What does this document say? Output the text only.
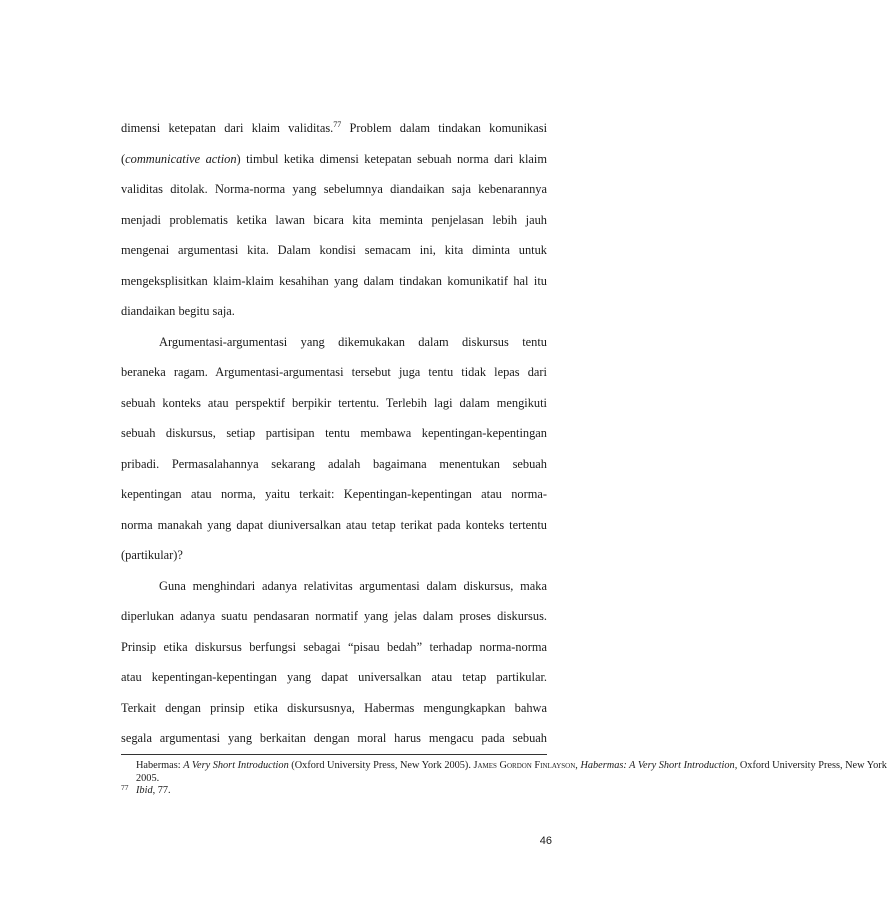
dimensi ketepatan dari klaim validitas.$^{77}$ Problem dalam tindakan komunikasi
(communicative action) timbul ketika dimensi ketepatan sebuah norma dari klaim
validitas ditolak. Norma-norma yang sebelumnya diandaikan saja kebenarannya
menjadi problematis ketika lawan bicara kita meminta penjelasan lebih jauh
mengenai argumentasi kita. Dalam kondisi semacam ini, kita diminta untuk
mengeksplisitkan klaim-klaim kesahihan yang dalam tindakan komunikatif hal itu
diandaikan begitu saja.
Argumentasi-argumentasi yang dikemukakan dalam diskursus tentu
beraneka ragam. Argumentasi-argumentasi tersebut juga tentu tidak lepas dari
sebuah konteks atau perspektif berpikir tertentu. Terlebih lagi dalam mengikuti
sebuah diskursus, setiap partisipan tentu membawa kepentingan-kepentingan
pribadi. Permasalahannya sekarang adalah bagaimana menentukan sebuah
kepentingan atau norma, yaitu terkait: Kepentingan-kepentingan atau norma-
norma manakah yang dapat diuniversalkan atau tetap terikat pada konteks tertentu
(partikular)?
Guna menghindari adanya relativitas argumentasi dalam diskursus, maka
diperlukan adanya suatu pendasaran normatif yang jelas dalam proses diskursus.
Prinsip etika diskursus berfungsi sebagai “pisau bedah” terhadap norma-norma
atau kepentingan-kepentingan yang dapat universalkan atau tetap partikular.
Terkait dengan prinsip etika diskursusnya, Habermas mengungkapkan bahwa
segala argumentasi yang berkaitan dengan moral harus mengacu pada sebuah
Habermas: A Very Short Introduction (Oxford University Press, New York 2005). James Gordon Finlayson, Habermas: A Very Short Introduction, Oxford University Press, New York
2005.
77 Ibid, 77.
46
